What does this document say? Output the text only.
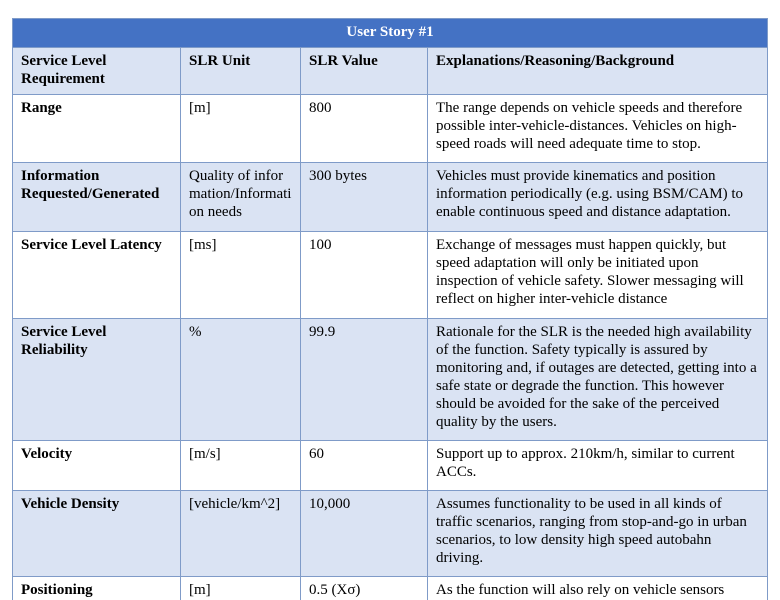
User Story #1			
Service Level Requirement	SLR Unit	SLR Value	Explanations/Reasoning/Background
Range	[m]	800	The range depends on vehicle speeds and therefore possible inter-vehicle-distances. Vehicles on high-speed roads will need adequate time to stop.
Information Requested/Generated	Quality of information/Information needs	300 bytes	Vehicles must provide kinematics and position information periodically (e.g. using BSM/CAM) to enable continuous speed and distance adaptation.
Service Level Latency	[ms]	100	Exchange of messages must happen quickly, but speed adaptation will only be initiated upon inspection of vehicle safety. Slower messaging will reflect on higher inter-vehicle distance
Service Level Reliability	%	99.9	Rationale for the SLR is the needed high availability of the function. Safety typically is assured by monitoring and, if outages are detected, getting into a safe state or degrade the function. This however should be avoided for the sake of the perceived quality by the users.
Velocity	[m/s]	60	Support up to approx. 210km/h, similar to current ACCs.
Vehicle Density	[vehicle/km^2]	10,000	Assumes functionality to be used in all kinds of traffic scenarios, ranging from stop-and-go in urban scenarios, to low density high speed autobahn driving.
Positioning	[m]	0.5 (Xσ)	As the function will also rely on vehicle sensors
